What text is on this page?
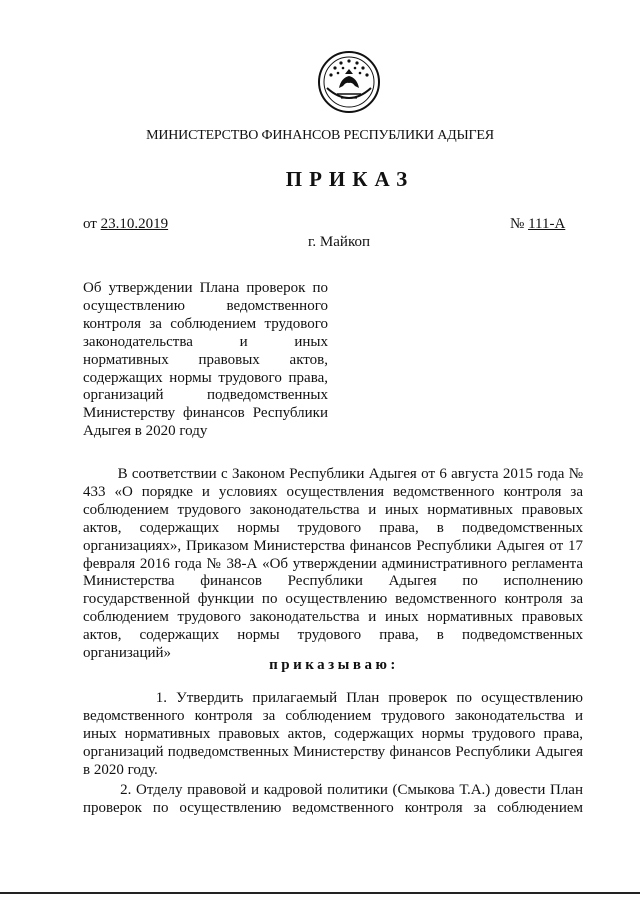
МИНИСТЕРСТВО ФИНАНСОВ РЕСПУБЛИКИ АДЫГЕЯ
ПРИКАЗ
от 23.10.2019	№ 111-А
г. Майкоп
Об утверждении Плана проверок по
осуществлению ведомственного
контроля за соблюдением трудового
законодательства и иных
нормативных правовых актов,
содержащих нормы трудового права,
организаций подведомственных
Министерству финансов Республики
Адыгея в 2020 году
В соответствии с Законом Республики Адыгея от 6 августа 2015 года №
433 «О порядке и условиях осуществления ведомственного контроля за
соблюдением трудового законодательства и иных нормативных правовых
актов, содержащих нормы трудового права, в подведомственных
организациях», Приказом Министерства финансов Республики Адыгея от 17
февраля 2016 года № 38-А «Об утверждении административного регламента
Министерства финансов Республики Адыгея по исполнению
государственной функции по осуществлению ведомственного контроля за
соблюдением трудового законодательства и иных нормативных правовых
актов, содержащих нормы трудового права, в подведомственных
организаций»
приказываю:
1. Утвердить прилагаемый План проверок по осуществлению
ведомственного контроля за соблюдением трудового законодательства и
иных нормативных правовых актов, содержащих нормы трудового права,
организаций подведомственных Министерству финансов Республики Адыгея
в 2020 году.
2. Отделу правовой и кадровой политики (Смыкова Т.А.) довести План
проверок по осуществлению ведомственного контроля за соблюдением
